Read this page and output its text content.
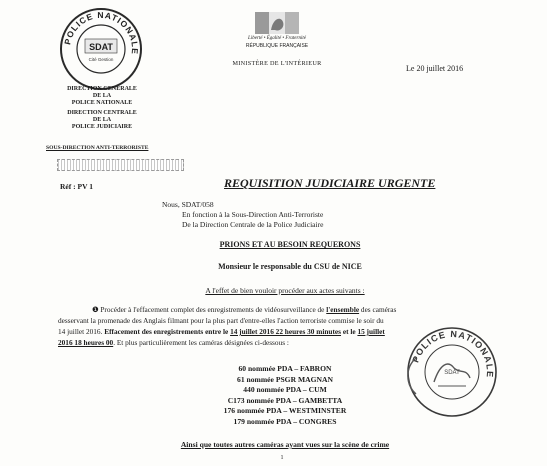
POLICE NATIONALE
SDAT
Cité Gestion
Liberté • Égalité • Fraternité
RÉPUBLIQUE FRANÇAISE
MINISTÈRE DE L'INTÉRIEUR
Le 20 juillet 2016
DIRECTION GENERALE
DE LA
POLICE NATIONALE
DIRECTION CENTRALE
DE LA
POLICE JUDICIAIRE
SOUS-DIRECTION ANTI-TERRORISTE
Réf : PV 1	REQUISITION JUDICIAIRE URGENTE
Nous, SDAT/058
En fonction à la Sous-Direction Anti-Terroriste
De la Direction Centrale de la Police Judiciaire
PRIONS ET AU BESOIN REQUERONS
Monsieur le responsable du CSU de NICE
A l'effet de bien vouloir procéder aux actes suivants :
❶ Procéder à l'effacement complet des enregistrements de vidéosurveillance de l'ensemble des caméras
desservant la promenade des Anglais filmant pour la plus part d'entre-elles l'action terroriste commise le soir du
14 juillet 2016. Effacement des enregistrements entre le 14 juillet 2016 22 heures 30 minutes et le 15 juillet
2016 18 heures 00. Et plus particulièrement les caméras désignées ci-dessous :
60 nommée PDA – FABRON
61 nommée PSGR MAGNAN
440 nommée PDA – CUM
C173 nommée PDA – GAMBETTA
176 nommée PDA – WESTMINSTER
179 nommée PDA – CONGRES
Ainsi que toutes autres caméras ayant vues sur la scène de crime
1
POLICE NATIONALE
SDAT
